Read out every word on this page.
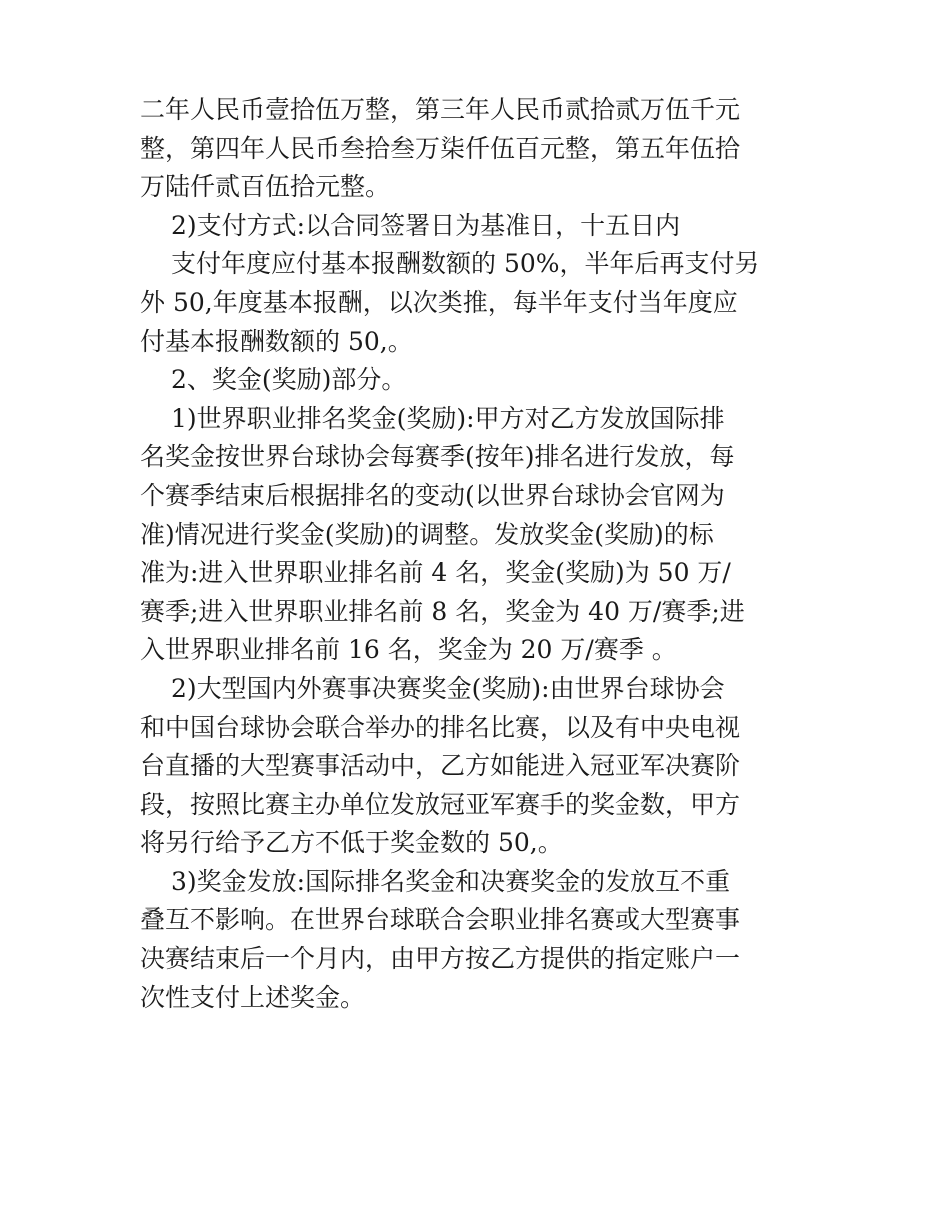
二年人民币壹拾伍万整，第三年人民币贰拾贰万伍千元
整，第四年人民币叁拾叁万柒仟伍百元整，第五年伍拾
万陆仟贰百伍拾元整。
2)支付方式:以合同签署日为基准日，十五日内
支付年度应付基本报酬数额的 50%，半年后再支付另
外 50,年度基本报酬，以次类推，每半年支付当年度应
付基本报酬数额的 50,。
2、奖金(奖励)部分。
1)世界职业排名奖金(奖励):甲方对乙方发放国际排
名奖金按世界台球协会每赛季(按年)排名进行发放，每
个赛季结束后根据排名的变动(以世界台球协会官网为
准)情况进行奖金(奖励)的调整。发放奖金(奖励)的标
准为:进入世界职业排名前 4 名，奖金(奖励)为 50 万/
赛季;进入世界职业排名前 8 名，奖金为 40 万/赛季;进
入世界职业排名前 16 名，奖金为 20 万/赛季 。
2)大型国内外赛事决赛奖金(奖励):由世界台球协会
和中国台球协会联合举办的排名比赛，以及有中央电视
台直播的大型赛事活动中，乙方如能进入冠亚军决赛阶
段，按照比赛主办单位发放冠亚军赛手的奖金数，甲方
将另行给予乙方不低于奖金数的 50,。
3)奖金发放:国际排名奖金和决赛奖金的发放互不重
叠互不影响。在世界台球联合会职业排名赛或大型赛事
决赛结束后一个月内，由甲方按乙方提供的指定账户一
次性支付上述奖金。
